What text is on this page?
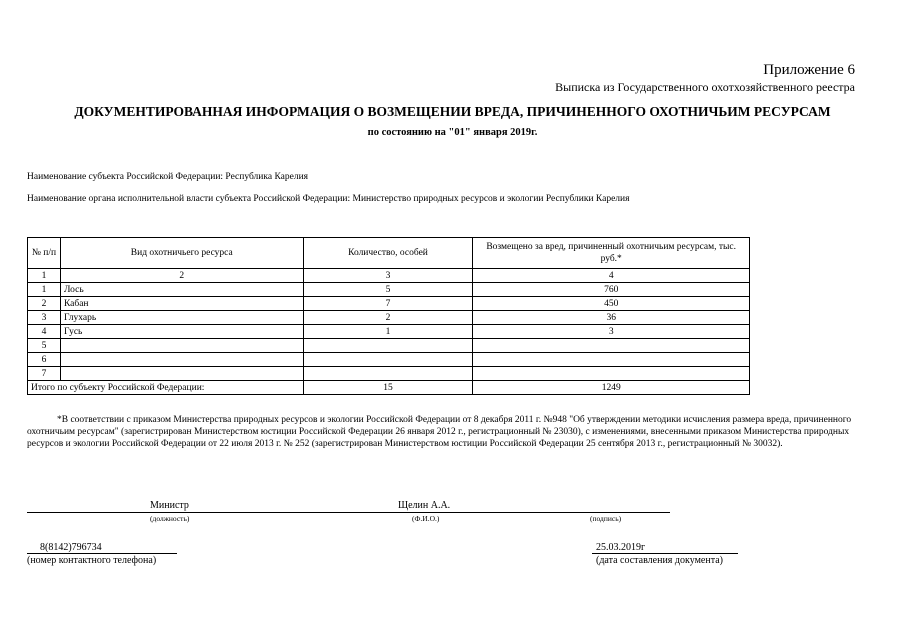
Приложение 6
Выписка из Государственного охотхозяйственного реестра
ДОКУМЕНТИРОВАННАЯ ИНФОРМАЦИЯ О ВОЗМЕЩЕНИИ ВРЕДА, ПРИЧИНЕННОГО ОХОТНИЧЬИМ РЕСУРСАМ
по состоянию на "01" января 2019г.
Наименование субъекта Российской Федерации: Республика Карелия
Наименование органа исполнительной власти субъекта Российской Федерации: Министерство природных ресурсов и экологии Республики Карелия
№ п/п	Вид охотничьего ресурса	Количество, особей	Возмещено за вред, причиненный охотничьим ресурсам, тыс. руб.*
1	2	3	4
1	Лось	5	760
2	Кабан	7	450
3	Глухарь	2	36
4	Гусь	1	3
5			
6			
7			
Итого по субъекту Российской Федерации:		15	1249

*В соответствии с приказом Министерства природных ресурсов и экологии Российской Федерации от 8 декабря 2011 г. №948 "Об утверждении методики исчисления размера вреда, причиненного охотничьим ресурсам" (зарегистрирован Министерством юстиции Российской Федерации 26 января 2012 г., регистрационный № 23030), с изменениями, внесенными приказом Министерства природных ресурсов и экологии Российской Федерации от 22 июля 2013 г. № 252 (зарегистрирован Министерством юстиции Российской Федерации 25 сентября 2013 г., регистрационный № 30032).

Министр	Щелин А.А.
(должность)	(Ф.И.О.)	(подпись)
8(8142)796734
(номер контактного телефона)
25.03.2019г
(дата составления документа)
